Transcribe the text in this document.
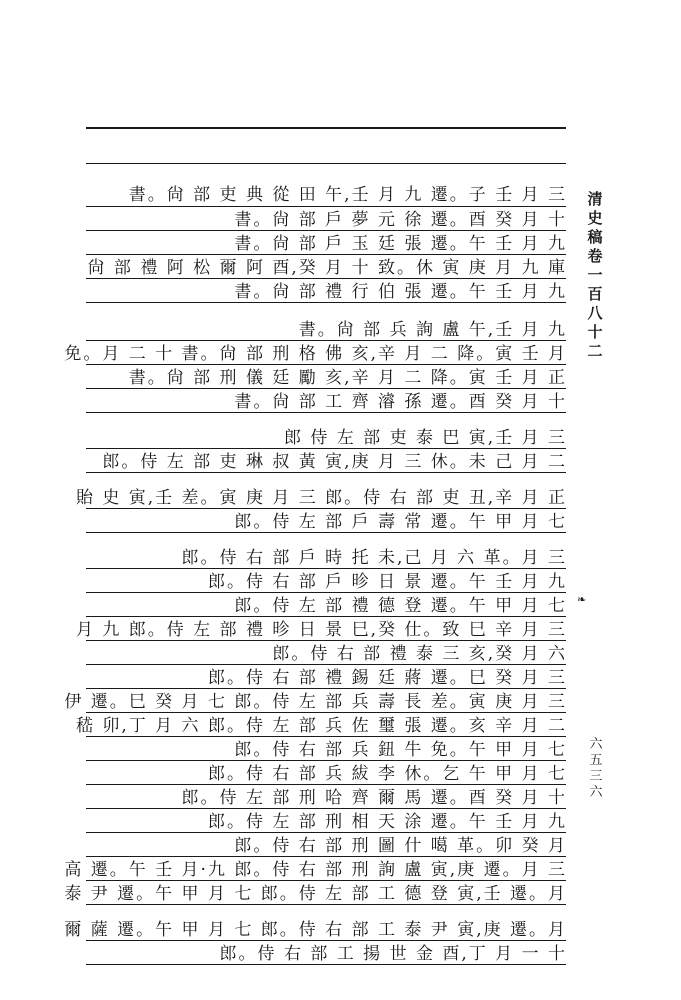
書。尙 部 吏 典 從 田 午,壬 月 九 遷。子 壬 月 三
書。尙 部 戶 夢 元 徐 遷。酉 癸 月 十
書。尙 部 戶 玉 廷 張 遷。午 壬 月 九
尙 部 禮 阿 松 爾 阿 酉,癸 月 十 致。休 寅 庚 月 九 庫
書。尙 部 禮 行 伯 張 遷。午 壬 月 九
書。尙 部 兵 詢 盧 午,壬 月 九
免。月 二 十 書。尙 部 刑 格 佛 亥,辛 月 二 降。寅 壬 月
書。尙 部 刑 儀 廷 勵 亥,辛 月 二 降。寅 壬 月 正
書。尙 部 工 齊 濬 孫 遷。酉 癸 月 十
郎 侍 左 部 吏 泰 巴 寅,壬 月 三
郎。侍 左 部 吏 琳 叔 黃 寅,庚 月 三 休。未 己 月 二
貽 史 寅,壬 差。寅 庚 月 三 郎。侍 右 部 吏 丑,辛 月 正
郎。侍 左 部 戶 壽 常 遷。午 甲 月 七
郎。侍 右 部 戶 時 托 未,己 月 六 革。月 三
郎。侍 右 部 戶 昣 日 景 遷。午 壬 月 九
郎。侍 左 部 禮 德 登 遷。午 甲 月 七
月 九 郎。侍 左 部 禮 昣 日 景 巳,癸 仕。致 巳 辛 月 三
郎。侍 右 部 禮 泰 三 亥,癸 月 六
郎。侍 右 部 禮 錫 廷 蔣 遷。巳 癸 月 三
伊 遷。巳 癸 月 七 郎。侍 左 部 兵 壽 長 差。寅 庚 月 三
嵇 卯,丁 月 六 郎。侍 左 部 兵 佐 璽 張 遷。亥 辛 月 二
郎。侍 右 部 兵 鈕 牛 免。午 甲 月 七
郎。侍 右 部 兵 紱 李 休。乞 午 甲 月 七
郎。侍 左 部 刑 哈 齊 爾 馬 遷。酉 癸 月 十
郎。侍 左 部 刑 相 天 涂 遷。午 壬 月 九
郎。侍 右 部 刑 圖 什 噶 革。卯 癸 月
高 遷。午 壬 月·九 郎。侍 右 部 刑 詢 盧 寅,庚 遷。月 三
泰 尹 遷。午 甲 月 七 郎。侍 左 部 工 德 登 寅,壬 遷。月
爾 薩 遷。午 甲 月 七 郎。侍 右 部 工 泰 尹 寅,庚 遷。月
郎。侍 右 部 工 揚 世 金 酉,丁 月 一 十
清
史
稿
卷
一
百
八
十
二
❧
六
五
三
六
